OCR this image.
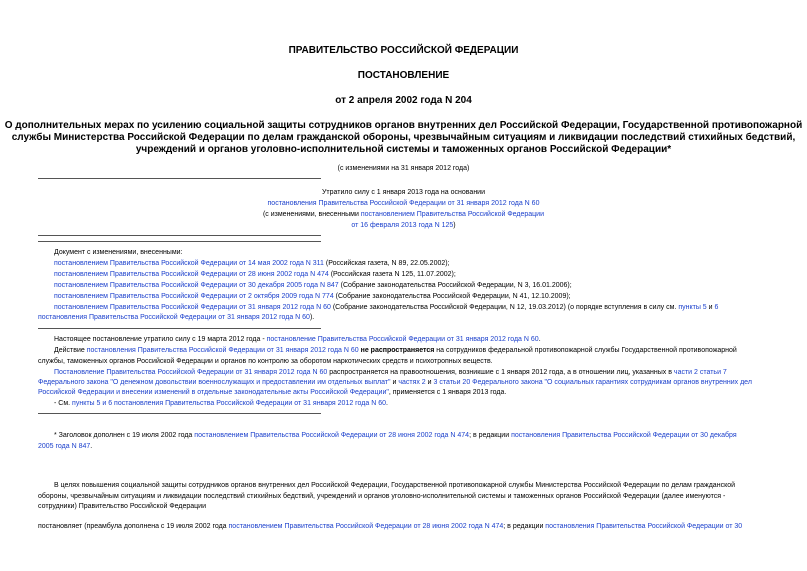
ПРАВИТЕЛЬСТВО РОССИЙСКОЙ ФЕДЕРАЦИИ
ПОСТАНОВЛЕНИЕ
от 2 апреля 2002 года N 204
О дополнительных мерах по усилению социальной защиты сотрудников органов внутренних дел Российской Федерации, Государственной противопожарной
службы Министерства Российской Федерации по делам гражданской обороны, чрезвычайным ситуациям и ликвидации последствий стихийных бедствий,
учреждений и органов уголовно-исполнительной системы и таможенных органов Российской Федерации*
(с изменениями на 31 января 2012 года)
Утратило силу с 1 января 2013 года на основании
постановления Правительства Российской Федерации от 31 января 2012 года N 60
(с изменениями, внесенными постановлением Правительства Российской Федерации
от 16 февраля 2013 года N 125)
Документ с изменениями, внесенными:
постановлением Правительства Российской Федерации от 14 мая 2002 года N 311 (Российская газета, N 89, 22.05.2002);
постановлением Правительства Российской Федерации от 28 июня 2002 года N 474 (Российская газета N 125, 11.07.2002);
постановлением Правительства Российской Федерации от 30 декабря 2005 года N 847 (Собрание законодательства Российской Федерации, N 3, 16.01.2006);
постановлением Правительства Российской Федерации от 2 октября 2009 года N 774 (Собрание законодательства Российской Федерации, N 41, 12.10.2009);
постановлением Правительства Российской Федерации от 31 января 2012 года N 60 (Собрание законодательства Российской Федерации, N 12, 19.03.2012) (о порядке вступления в силу см. пункты 5 и 6
постановления Правительства Российской Федерации от 31 января 2012 года N 60).
Настоящее постановление утратило силу с 19 марта 2012 года - постановление Правительства Российской Федерации от 31 января 2012 года N 60.
Действие постановления Правительства Российской Федерации от 31 января 2012 года N 60 не распространяется на сотрудников федеральной противопожарной службы Государственной противопожарной
службы, таможенных органов Российской Федерации и органов по контролю за оборотом наркотических средств и психотропных веществ.
Постановление Правительства Российской Федерации от 31 января 2012 года N 60 распространяется на правоотношения, возникшие с 1 января 2012 года, а в отношении лиц, указанных в части 2 статьи 7
Федерального закона "О денежном довольствии военнослужащих и предоставлении им отдельных выплат" и частях 2 и 3 статьи 20 Федерального закона "О социальных гарантиях сотрудникам органов внутренних дел
Российской Федерации и внесении изменений в отдельные законодательные акты Российской Федерации", применяется с 1 января 2013 года.
- См. пункты 5 и 6 постановления Правительства Российской Федерации от 31 января 2012 года N 60.
* Заголовок дополнен с 19 июля 2002 года постановлением Правительства Российской Федерации от 28 июня 2002 года N 474; в редакции постановления Правительства Российской Федерации от 30 декабря
2005 года N 847.
В целях повышения социальной защиты сотрудников органов внутренних дел Российской Федерации, Государственной противопожарной службы Министерства Российской Федерации по делам гражданской
обороны, чрезвычайным ситуациям и ликвидации последствий стихийных бедствий, учреждений и органов уголовно-исполнительной системы и таможенных органов Российской Федерации (далее именуются -
сотрудники) Правительство Российской Федерации
постановляет (преамбула дополнена с 19 июля 2002 года постановлением Правительства Российской Федерации от 28 июня 2002 года N 474; в редакции постановления Правительства Российской Федерации от 30
